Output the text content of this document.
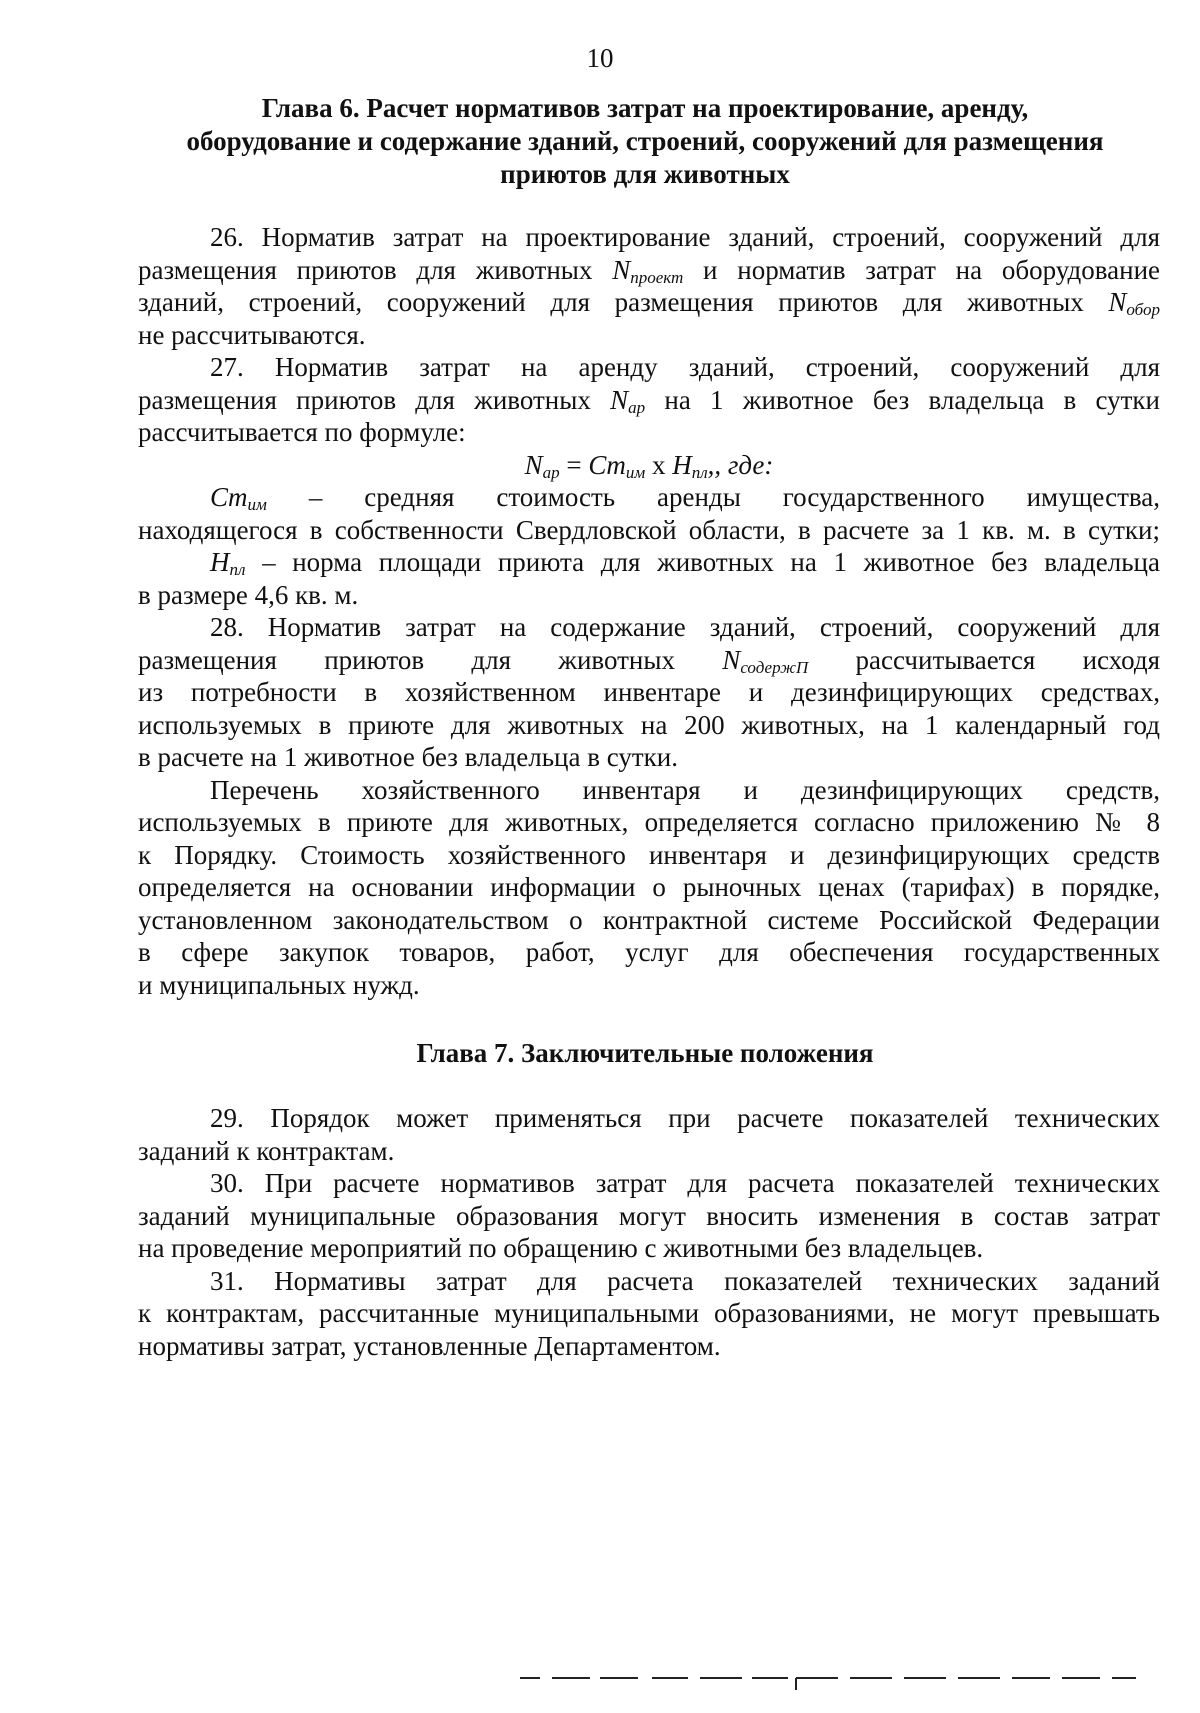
10
Глава 6. Расчет нормативов затрат на проектирование, аренду,
оборудование и содержание зданий, строений, сооружений для размещения
приютов для животных
26. Норматив затрат на проектирование зданий, строений, сооружений для
размещения приютов для животных $N_{проект}$ и норматив затрат на оборудование
зданий, строений, сооружений для размещения приютов для животных $N_{обор}$
не рассчитываются.
27. Норматив затрат на аренду зданий, строений, сооружений для
размещения приютов для животных $N_{ар}$ на 1 животное без владельца в сутки
рассчитывается по формуле:
$N_{ар} = Cm_{им}$ х $H_{пл}$,, где:
$Cm_{им}$ – средняя стоимость аренды государственного имущества,
находящегося в собственности Свердловской области, в расчете за 1 кв. м. в сутки;
$H_{пл}$ – норма площади приюта для животных на 1 животное без владельца
в размере 4,6 кв. м.
28. Норматив затрат на содержание зданий, строений, сооружений для
размещения приютов для животных $N_{содержП}$ рассчитывается исходя
из потребности в хозяйственном инвентаре и дезинфицирующих средствах,
используемых в приюте для животных на 200 животных, на 1 календарный год
в расчете на 1 животное без владельца в сутки.
Перечень хозяйственного инвентаря и дезинфицирующих средств,
используемых в приюте для животных, определяется согласно приложению № 8
к Порядку. Стоимость хозяйственного инвентаря и дезинфицирующих средств
определяется на основании информации о рыночных ценах (тарифах) в порядке,
установленном законодательством о контрактной системе Российской Федерации
в сфере закупок товаров, работ, услуг для обеспечения государственных
и муниципальных нужд.
Глава 7. Заключительные положения
29. Порядок может применяться при расчете показателей технических
заданий к контрактам.
30. При расчете нормативов затрат для расчета показателей технических
заданий муниципальные образования могут вносить изменения в состав затрат
на проведение мероприятий по обращению с животными без владельцев.
31. Нормативы затрат для расчета показателей технических заданий
к контрактам, рассчитанные муниципальными образованиями, не могут превышать
нормативы затрат, установленные Департаментом.
